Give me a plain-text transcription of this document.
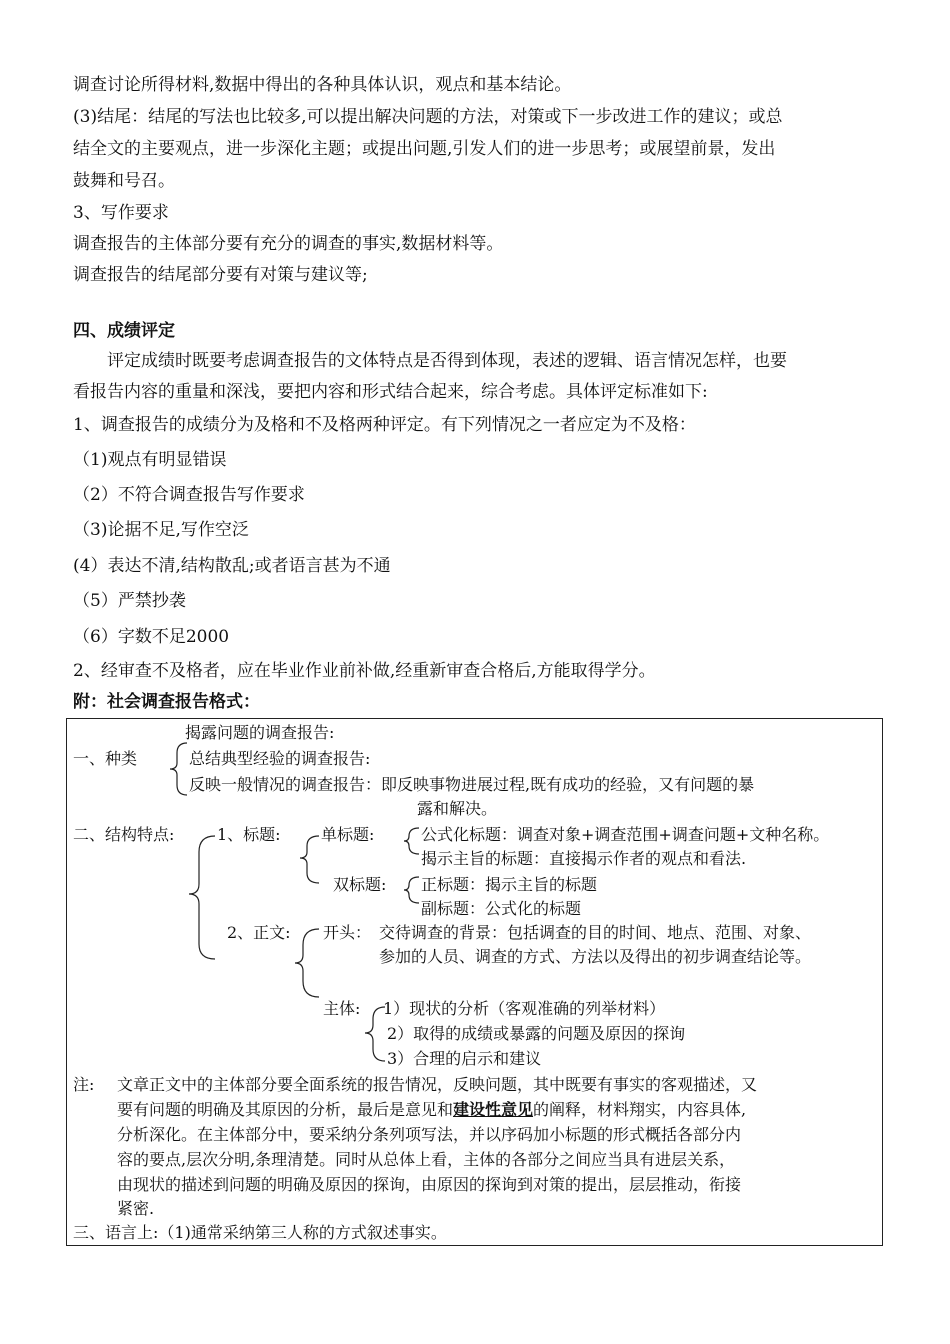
调查讨论所得材料,数据中得出的各种具体认识，观点和基本结论。
(3)结尾：结尾的写法也比较多,可以提出解决问题的方法，对策或下一步改进工作的建议；或总
结全文的主要观点，进一步深化主题；或提出问题,引发人们的进一步思考；或展望前景，发出
鼓舞和号召。
3、写作要求
调查报告的主体部分要有充分的调查的事实,数据材料等。
调查报告的结尾部分要有对策与建议等;
四、成绩评定
评定成绩时既要考虑调查报告的文体特点是否得到体现，表述的逻辑、语言情况怎样，也要
看报告内容的重量和深浅，要把内容和形式结合起来，综合考虑。具体评定标准如下:
1、调查报告的成绩分为及格和不及格两种评定。有下列情况之一者应定为不及格：
（1)观点有明显错误
（2）不符合调查报告写作要求
（3)论据不足,写作空泛
(4）表达不清,结构散乱;或者语言甚为不通
（5）严禁抄袭
（6）字数不足2000
2、经审查不及格者，应在毕业作业前补做,经重新审查合格后,方能取得学分。
附：社会调查报告格式：
揭露问题的调查报告:
一、种类	总结典型经验的调查报告:
反映一般情况的调查报告：即反映事物进展过程,既有成功的经验，又有问题的暴
露和解决。
二、结构特点:	1、标题:	单标题:	公式化标题：调查对象+调查范围+调查问题+文种名称。
揭示主旨的标题：直接揭示作者的观点和看法.
双标题: 正标题：揭示主旨的标题
副标题：公式化的标题
2、正文: 开头： 交待调查的背景：包括调查的目的时间、地点、范围、对象、
参加的人员、调查的方式、方法以及得出的初步调查结论等。
主体: 1）现状的分析（客观准确的列举材料）
2）取得的成绩或暴露的问题及原因的探询
3）合理的启示和建议
注: 文章正文中的主体部分要全面系统的报告情况，反映问题，其中既要有事实的客观描述，又
要有问题的明确及其原因的分析，最后是意见和建设性意见的阐释，材料翔实，内容具体,
分析深化。在主体部分中，要采纳分条列项写法，并以序码加小标题的形式概括各部分内
容的要点,层次分明,条理清楚。同时从总体上看，主体的各部分之间应当具有进层关系，
由现状的描述到问题的明确及原因的探询，由原因的探询到对策的提出，层层推动，衔接
紧密.
三、语言上:（1)通常采纳第三人称的方式叙述事实。
